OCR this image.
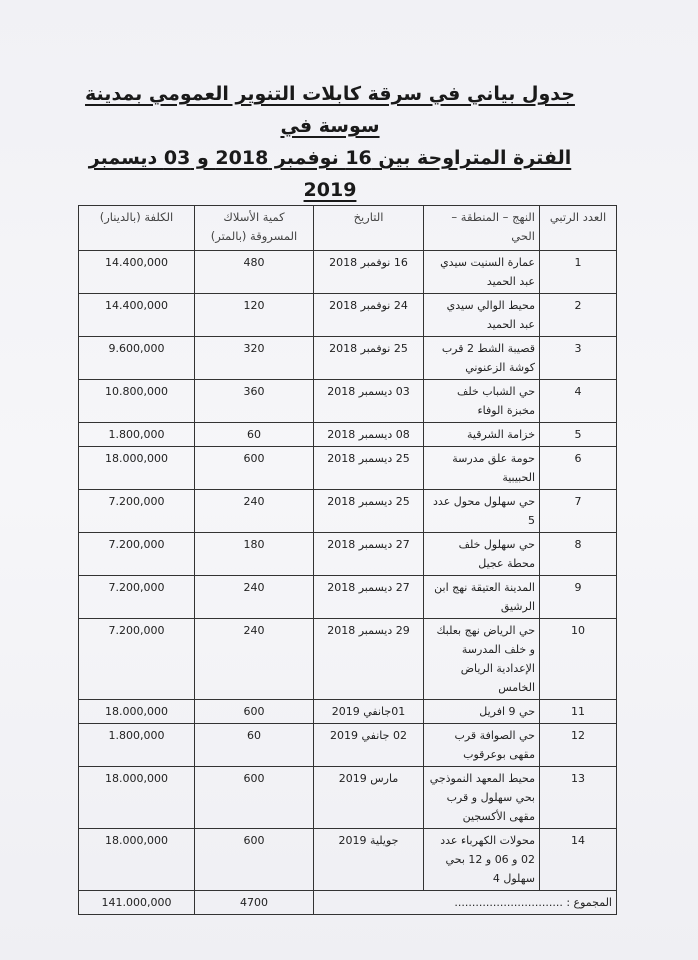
جدول بياني في سرقة كابلات التنوير العمومي بمدينة سوسة في
الفترة المتراوحة بين 16 نوفمبر 2018 و 03 ديسمبر 2019
العدد الرتبي	النهج – المنطقة – الحي	التاريخ	كمية الأسلاك المسروقة (بالمتر)	الكلفة (بالدينار)
1	عمارة السنيت سيدي عبد الحميد	16 نوفمبر 2018	480	14.400,000
2	محيط الوالي سيدي عبد الحميد	24 نوفمبر 2018	120	14.400,000
3	قصيبة الشط 2 قرب كوشة الزعنوني	25 نوفمبر 2018	320	9.600,000
4	حي الشباب خلف مخبزة الوفاء	03 ديسمبر 2018	360	10.800,000
5	خزامة الشرقية	08 ديسمبر 2018	60	1.800,000
6	حومة علق مدرسة الحبيبية	25 ديسمبر 2018	600	18.000,000
7	حي سهلول محول عدد 5	25 ديسمبر 2018	240	7.200,000
8	حي سهلول خلف محطة عجيل	27 ديسمبر 2018	180	7.200,000
9	المدينة العتيقة نهج ابن الرشيق	27 ديسمبر 2018	240	7.200,000
10	حي الرياض نهج بعلبك و خلف المدرسة الإعدادية الرياض الخامس	29 ديسمبر 2018	240	7.200,000
11	حي 9 افريل	01جانفي 2019	600	18.000,000
12	حي الصوافة قرب مقهى بوعرقوب	02 جانفي 2019	60	1.800,000
13	محيط المعهد النموذجي بحي سهلول و قرب مقهى الأكسجين	مارس 2019	600	18.000,000
14	محولات الكهرباء عدد 02 و 06 و 12 بحي سهلول 4	جويلية 2019	600	18.000,000
المجموع : ...............................			4700	141.000,000
